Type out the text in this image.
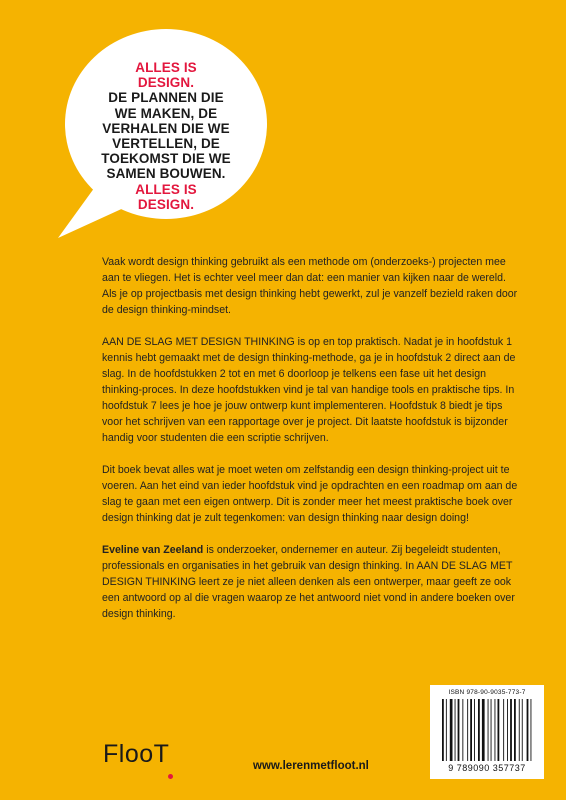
ALLES IS
DESIGN.
DE PLANNEN DIE
WE MAKEN, DE
VERHALEN DIE WE
VERTELLEN, DE
TOEKOMST DIE WE
SAMEN BOUWEN.
ALLES IS
DESIGN.

Vaak wordt design thinking gebruikt als een methode om (onderzoeks-) projecten mee aan te vliegen. Het is echter veel meer dan dat: een manier van kijken naar de wereld. Als je op projectbasis met design thinking hebt gewerkt, zul je vanzelf bezield raken door de design thinking-mindset.

AAN DE SLAG MET DESIGN THINKING is op en top praktisch. Nadat je in hoofdstuk 1 kennis hebt gemaakt met de design thinking-methode, ga je in hoofdstuk 2 direct aan de slag. In de hoofdstukken 2 tot en met 6 doorloop je telkens een fase uit het design thinking-proces. In deze hoofdstukken vind je tal van handige tools en praktische tips. In hoofdstuk 7 lees je hoe je jouw ontwerp kunt implementeren. Hoofdstuk 8 biedt je tips voor het schrijven van een rapportage over je project. Dit laatste hoofdstuk is bijzonder handig voor studenten die een scriptie schrijven.

Dit boek bevat alles wat je moet weten om zelfstandig een design thinking-project uit te voeren. Aan het eind van ieder hoofdstuk vind je opdrachten en een roadmap om aan de slag te gaan met een eigen ontwerp. Dit is zonder meer het meest praktische boek over design thinking dat je zult tegenkomen: van design thinking naar design doing!

Eveline van Zeeland is onderzoeker, ondernemer en auteur. Zij begeleidt studenten, professionals en organisaties in het gebruik van design thinking. In AAN DE SLAG MET DESIGN THINKING leert ze je niet alleen denken als een ontwerper, maar geeft ze ook een antwoord op al die vragen waarop ze het antwoord niet vond in andere boeken over design thinking.

ISBN 978-90-9035-773-7
9 789090 357737
FlooT	www.lerenmetfloot.nl
